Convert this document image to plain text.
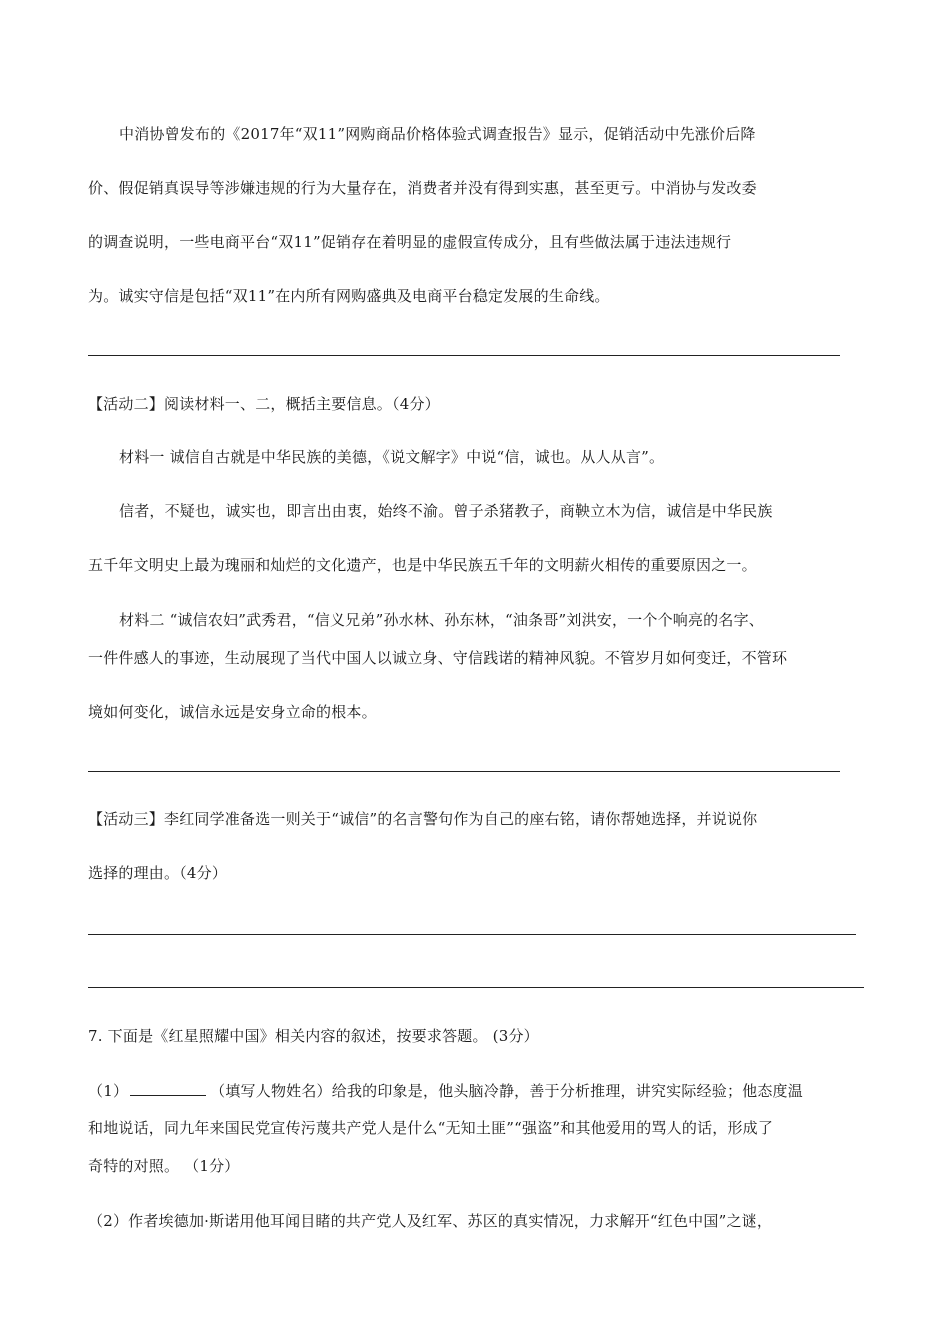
中消协曾发布的《2017年“双11”网购商品价格体验式调查报告》显示，促销活动中先涨价后降
价、假促销真误导等涉嫌违规的行为大量存在，消费者并没有得到实惠，甚至更亏。中消协与发改委
的调查说明，一些电商平台“双11”促销存在着明显的虚假宣传成分，且有些做法属于违法违规行
为。诚实守信是包括“双11”在内所有网购盛典及电商平台稳定发展的生命线。
【活动二】阅读材料一、二，概括主要信息。（4分）
材料一 诚信自古就是中华民族的美德，《说文解字》中说“信，诚也。从人从言”。
信者，不疑也，诚实也，即言出由衷，始终不渝。曾子杀猪教子，商鞅立木为信，诚信是中华民族
五千年文明史上最为瑰丽和灿烂的文化遗产，也是中华民族五千年的文明薪火相传的重要原因之一。
材料二 “诚信农妇”武秀君，“信义兄弟”孙水林、孙东林，“油条哥”刘洪安，一个个响亮的名字、
一件件感人的事迹，生动展现了当代中国人以诚立身、守信践诺的精神风貌。不管岁月如何变迁，不管环
境如何变化，诚信永远是安身立命的根本。
【活动三】李红同学准备选一则关于“诚信”的名言警句作为自己的座右铭，请你帮她选择，并说说你
选择的理由。（4分）
7. 下面是《红星照耀中国》相关内容的叙述，按要求答题。 (3分）
（1）	（填写人物姓名）给我的印象是，他头脑冷静，善于分析推理，讲究实际经验；他态度温
和地说话，同九年来国民党宣传污蔑共产党人是什么“无知土匪”“强盗”和其他爱用的骂人的话，形成了
奇特的对照。 （1分）
（2）作者埃德加·斯诺用他耳闻目睹的共产党人及红军、苏区的真实情况，力求解开“红色中国”之谜，
